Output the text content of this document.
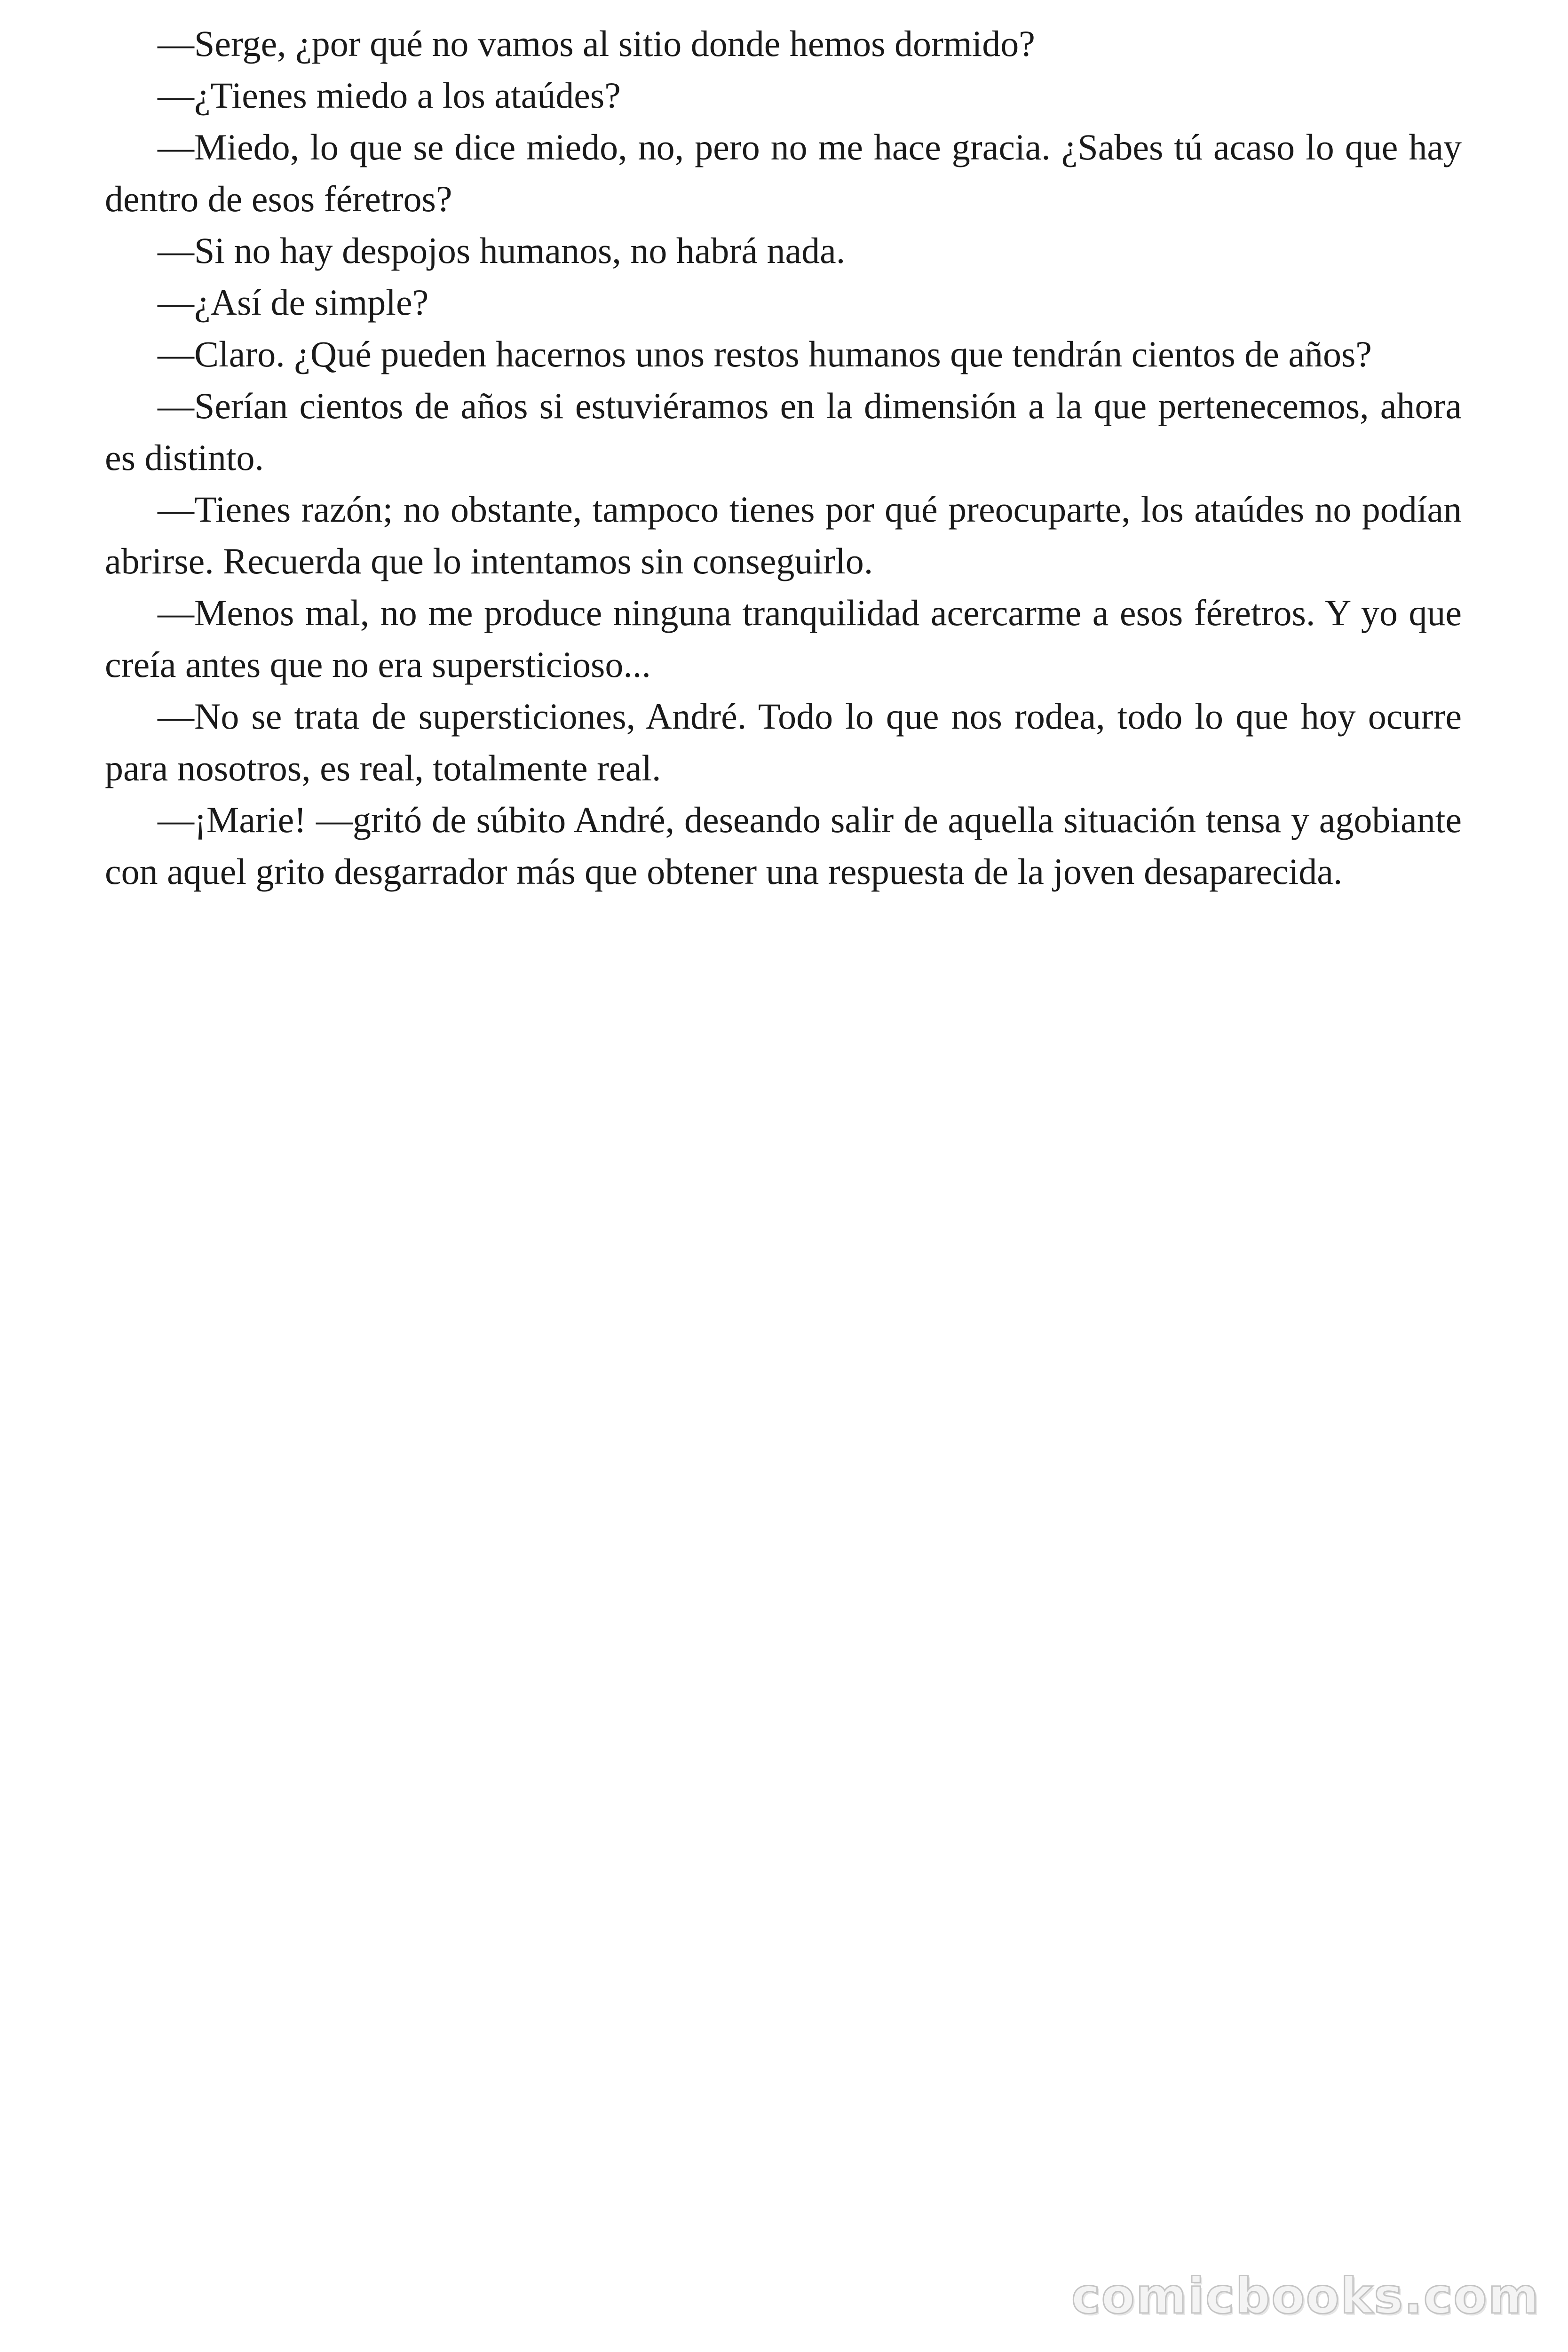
—Serge, ¿por qué no vamos al sitio donde hemos dormido?

—¿Tienes miedo a los ataúdes?

—Miedo, lo que se dice miedo, no, pero no me hace gracia. ¿Sabes tú acaso lo que hay dentro de esos féretros?

—Si no hay despojos humanos, no habrá nada.

—¿Así de simple?

—Claro. ¿Qué pueden hacernos unos restos humanos que tendrán cientos de años?

—Serían cientos de años si estuviéramos en la dimensión a la que pertenecemos, ahora es distinto.

—Tienes razón; no obstante, tampoco tienes por qué preocuparte, los ataúdes no podían abrirse. Recuerda que lo intentamos sin conseguirlo.

—Menos mal, no me produce ninguna tranquilidad acercarme a esos féretros. Y yo que creía antes que no era supersticioso...

—No se trata de supersticiones, André. Todo lo que nos rodea, todo lo que hoy ocurre para nosotros, es real, totalmente real.

—¡Marie! —gritó de súbito André, deseando salir de aquella situación tensa y agobiante con aquel grito desgarrador más que obtener una respuesta de la joven desaparecida.

comicbooks.com
